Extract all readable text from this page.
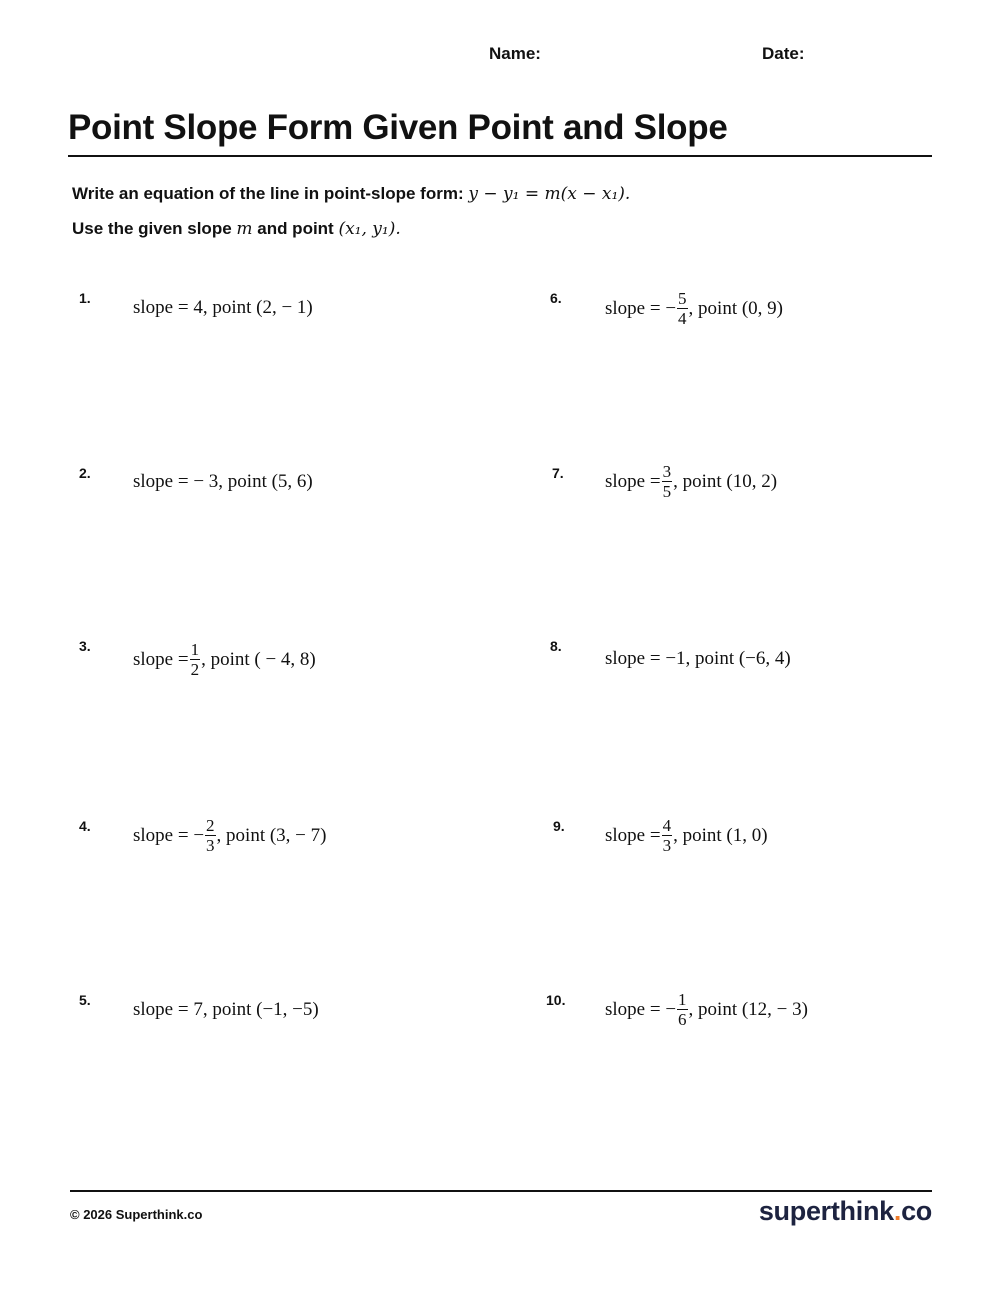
Name:	Date:
Point Slope Form Given Point and Slope
Write an equation of the line in point-slope form: y − y₁ = m(x − x₁).
Use the given slope m and point (x₁, y₁).
1. slope = 4, point (2, − 1)
2. slope = − 3, point (5, 6)
3.
slope = $\frac{1}{2}$ , point ( − 4, 8)
4. slope = − $\frac{2}{3}$ , point (3, − 7)
5. slope = 7, point (−1, −5)
6. slope = − $\frac{5}{4}$ , point (0, 9)
7. slope = $\frac{3}{5}$ , point (10, 2)
8.
slope = −1, point (−6, 4)
9. slope = $\frac{4}{3}$ , point (1, 0)
10. slope = − $\frac{1}{6}$ , point (12, − 3)
© 2026 Superthink.co	superthink.co
